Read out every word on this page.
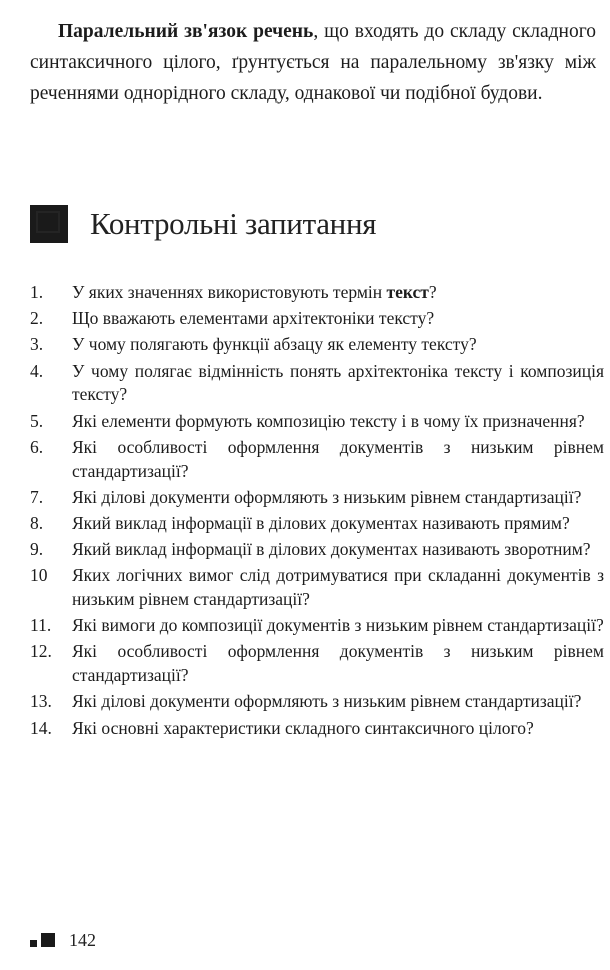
Паралельний зв'язок речень, що входять до складу складного синтаксичного цілого, ґрунтується на паралельному зв'язку між реченнями однорідного складу, однакової чи подібної будови.

Контрольні запитання
1.	У яких значеннях використовують термін текст?
2.	Що вважають елементами архітектоніки тексту?
3.	У чому полягають функції абзацу як елементу тексту?
4.	У чому полягає відмінність понять архітектоніка тексту і композиція тексту?
5.	Які елементи формують композицію тексту і в чому їх призначення?
6.	Які особливості оформлення документів з низьким рівнем стандартизації?
7.	Які ділові документи оформляють з низьким рівнем стандартизації?
8.	Який виклад інформації в ділових документах називають прямим?
9.	Який виклад інформації в ділових документах називають зворотним?
10	Яких логічних вимог слід дотримуватися при складанні документів з низьким рівнем стандартизації?
11.	Які вимоги до композиції документів з низьким рівнем стандартизації?
12.	Які особливості оформлення документів з низьким рівнем стандартизації?
13.	Які ділові документи оформляють з низьким рівнем стандартизації?
14.	Які основні характеристики складного синтаксичного цілого?
142
